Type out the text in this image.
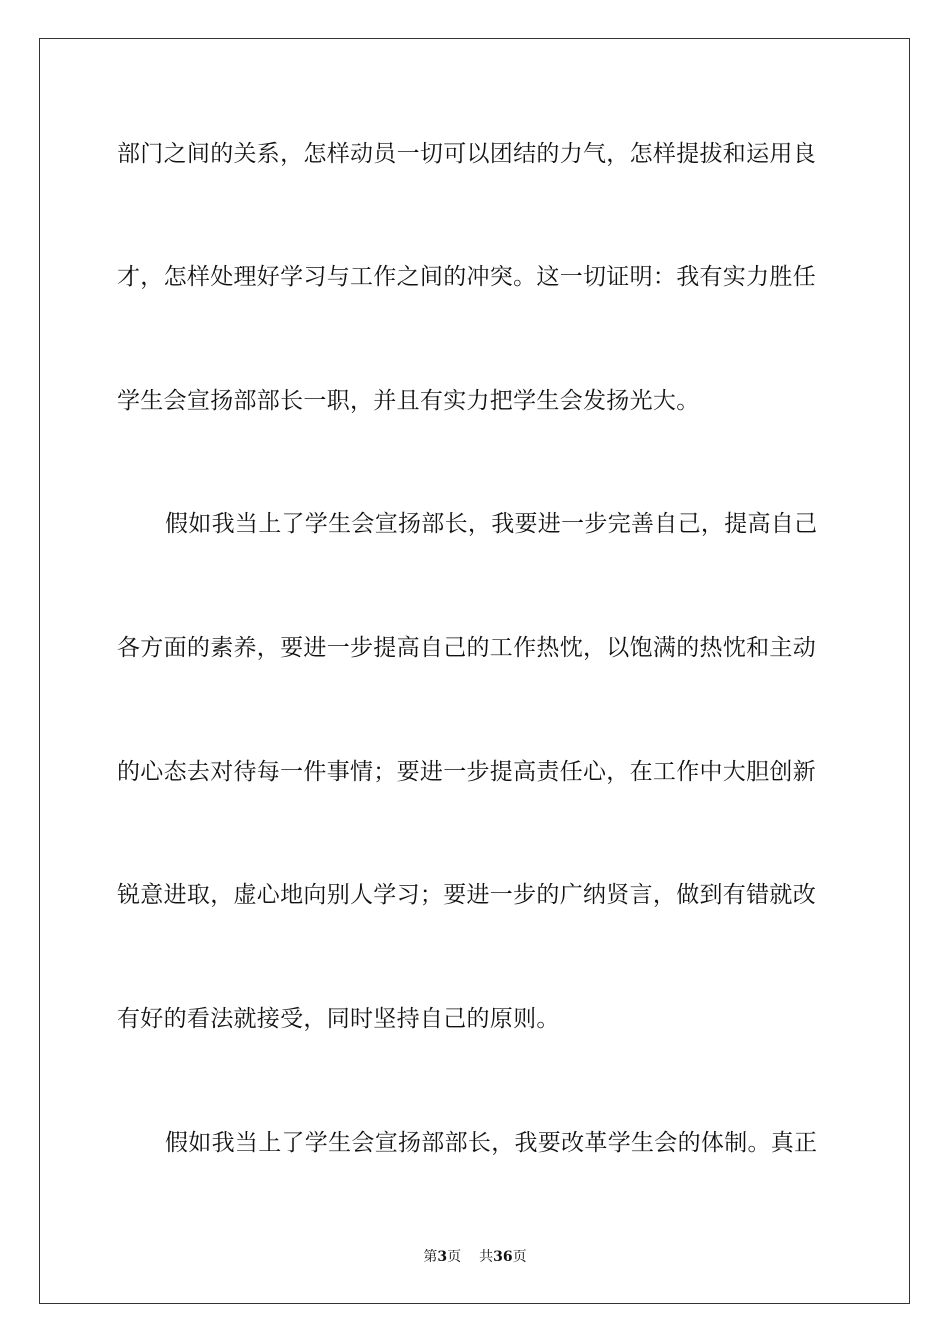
部门之间的关系，怎样动员一切可以团结的力气，怎样提拔和运用良
才，怎样处理好学习与工作之间的冲突。这一切证明：我有实力胜任
学生会宣扬部部长一职，并且有实力把学生会发扬光大。
假如我当上了学生会宣扬部长，我要进一步完善自己，提高自己
各方面的素养，要进一步提高自己的工作热忱，以饱满的热忱和主动
的心态去对待每一件事情；要进一步提高责任心，在工作中大胆创新
锐意进取，虚心地向别人学习；要进一步的广纳贤言，做到有错就改
有好的看法就接受，同时坚持自己的原则。
假如我当上了学生会宣扬部部长，我要改革学生会的体制。真正
第3页 共36页
